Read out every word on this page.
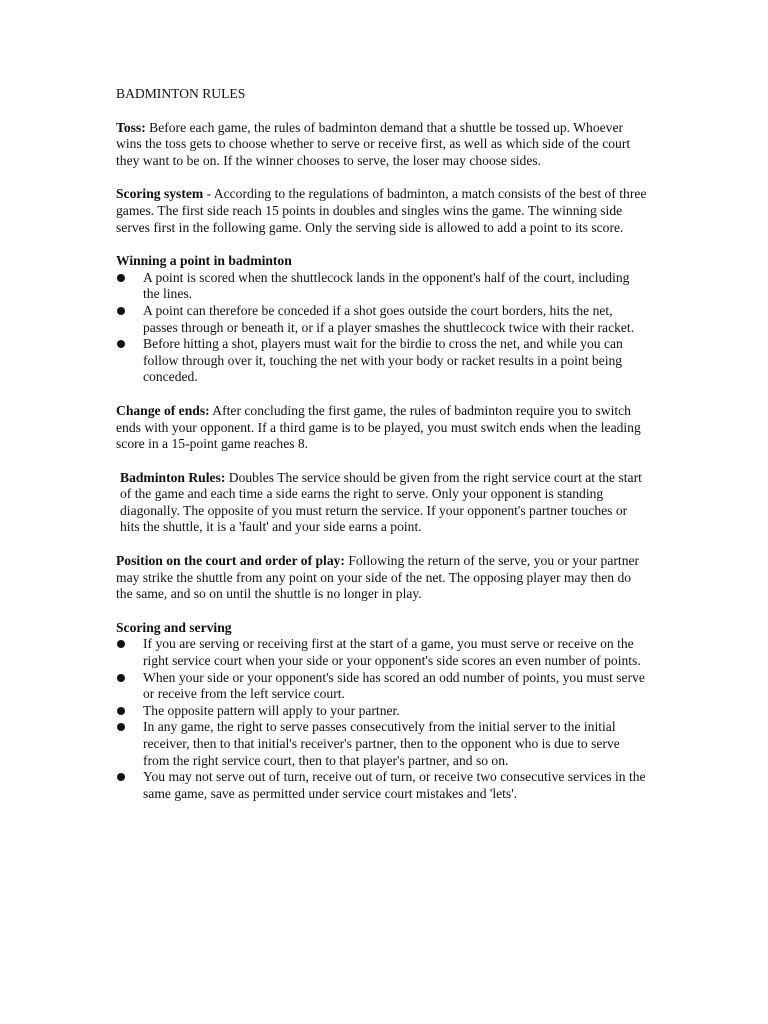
BADMINTON RULES

Toss: Before each game, the rules of badminton demand that a shuttle be tossed up. Whoever wins the toss gets to choose whether to serve or receive first, as well as which side of the court they want to be on. If the winner chooses to serve, the loser may choose sides.

Scoring system - According to the regulations of badminton, a match consists of the best of three games. The first side reach 15 points in doubles and singles wins the game. The winning side serves first in the following game. Only the serving side is allowed to add a point to its score.

Winning a point in badminton
A point is scored when the shuttlecock lands in the opponent's half of the court, including the lines.
A point can therefore be conceded if a shot goes outside the court borders, hits the net, passes through or beneath it, or if a player smashes the shuttlecock twice with their racket.
Before hitting a shot, players must wait for the birdie to cross the net, and while you can follow through over it, touching the net with your body or racket results in a point being conceded.

Change of ends: After concluding the first game, the rules of badminton require you to switch ends with your opponent. If a third game is to be played, you must switch ends when the leading score in a 15-point game reaches 8.

Badminton Rules: Doubles The service should be given from the right service court at the start of the game and each time a side earns the right to serve. Only your opponent is standing diagonally. The opposite of you must return the service. If your opponent's partner touches or hits the shuttle, it is a 'fault' and your side earns a point.

Position on the court and order of play: Following the return of the serve, you or your partner may strike the shuttle from any point on your side of the net. The opposing player may then do the same, and so on until the shuttle is no longer in play.

Scoring and serving
If you are serving or receiving first at the start of a game, you must serve or receive on the right service court when your side or your opponent's side scores an even number of points.
When your side or your opponent's side has scored an odd number of points, you must serve or receive from the left service court.
The opposite pattern will apply to your partner.
In any game, the right to serve passes consecutively from the initial server to the initial receiver, then to that initial's receiver's partner, then to the opponent who is due to serve from the right service court, then to that player's partner, and so on.
You may not serve out of turn, receive out of turn, or receive two consecutive services in the same game, save as permitted under service court mistakes and 'lets'.
